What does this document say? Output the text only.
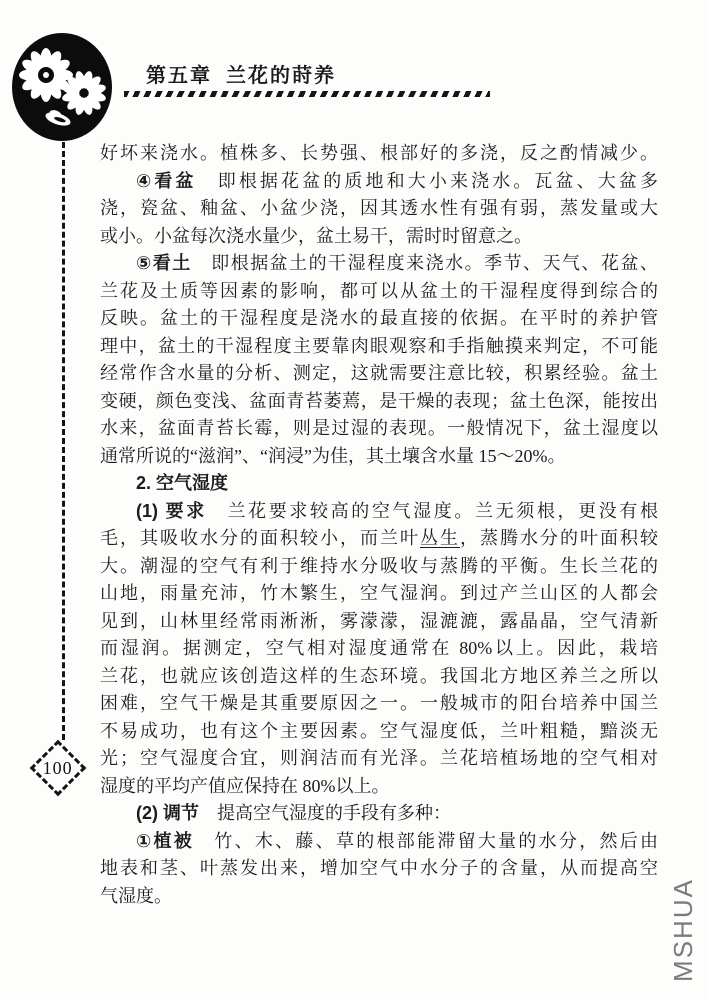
第五章 兰花的莳养
100
好坏来浇水。植株多、长势强、根部好的多浇，反之酌情减少。
④看盆　即根据花盆的质地和大小来浇水。瓦盆、大盆多
浇，瓷盆、釉盆、小盆少浇，因其透水性有强有弱，蒸发量或大
或小。小盆每次浇水量少，盆土易干，需时时留意之。
⑤看土　即根据盆土的干湿程度来浇水。季节、天气、花盆、
兰花及土质等因素的影响，都可以从盆土的干湿程度得到综合的
反映。盆土的干湿程度是浇水的最直接的依据。在平时的养护管
理中，盆土的干湿程度主要靠肉眼观察和手指触摸来判定，不可能
经常作含水量的分析、测定，这就需要注意比较，积累经验。盆土
变硬，颜色变浅、盆面青苔萎蔫，是干燥的表现；盆土色深，能按出
水来，盆面青苔长霉，则是过湿的表现。一般情况下，盆土湿度以
通常所说的“滋润”、“润浸”为佳，其土壤含水量 15～20%。
2. 空气湿度
(1) 要求　兰花要求较高的空气湿度。兰无须根，更没有根
毛，其吸收水分的面积较小，而兰叶丛生，蒸腾水分的叶面积较
大。潮湿的空气有利于维持水分吸收与蒸腾的平衡。生长兰花的
山地，雨量充沛，竹木繁生，空气湿润。到过产兰山区的人都会
见到，山林里经常雨淅淅，雾濛濛，湿漉漉，露晶晶，空气清新
而湿润。据测定，空气相对湿度通常在 80%以上。因此，栽培
兰花，也就应该创造这样的生态环境。我国北方地区养兰之所以
困难，空气干燥是其重要原因之一。一般城市的阳台培养中国兰
不易成功，也有这个主要因素。空气湿度低，兰叶粗糙，黯淡无
光；空气湿度合宜，则润洁而有光泽。兰花培植场地的空气相对
湿度的平均产值应保持在 80%以上。
(2) 调节　提高空气湿度的手段有多种：
①植被　竹、木、藤、草的根部能滞留大量的水分，然后由
地表和茎、叶蒸发出来，增加空气中水分子的含量，从而提高空
气湿度。	MSHUA
